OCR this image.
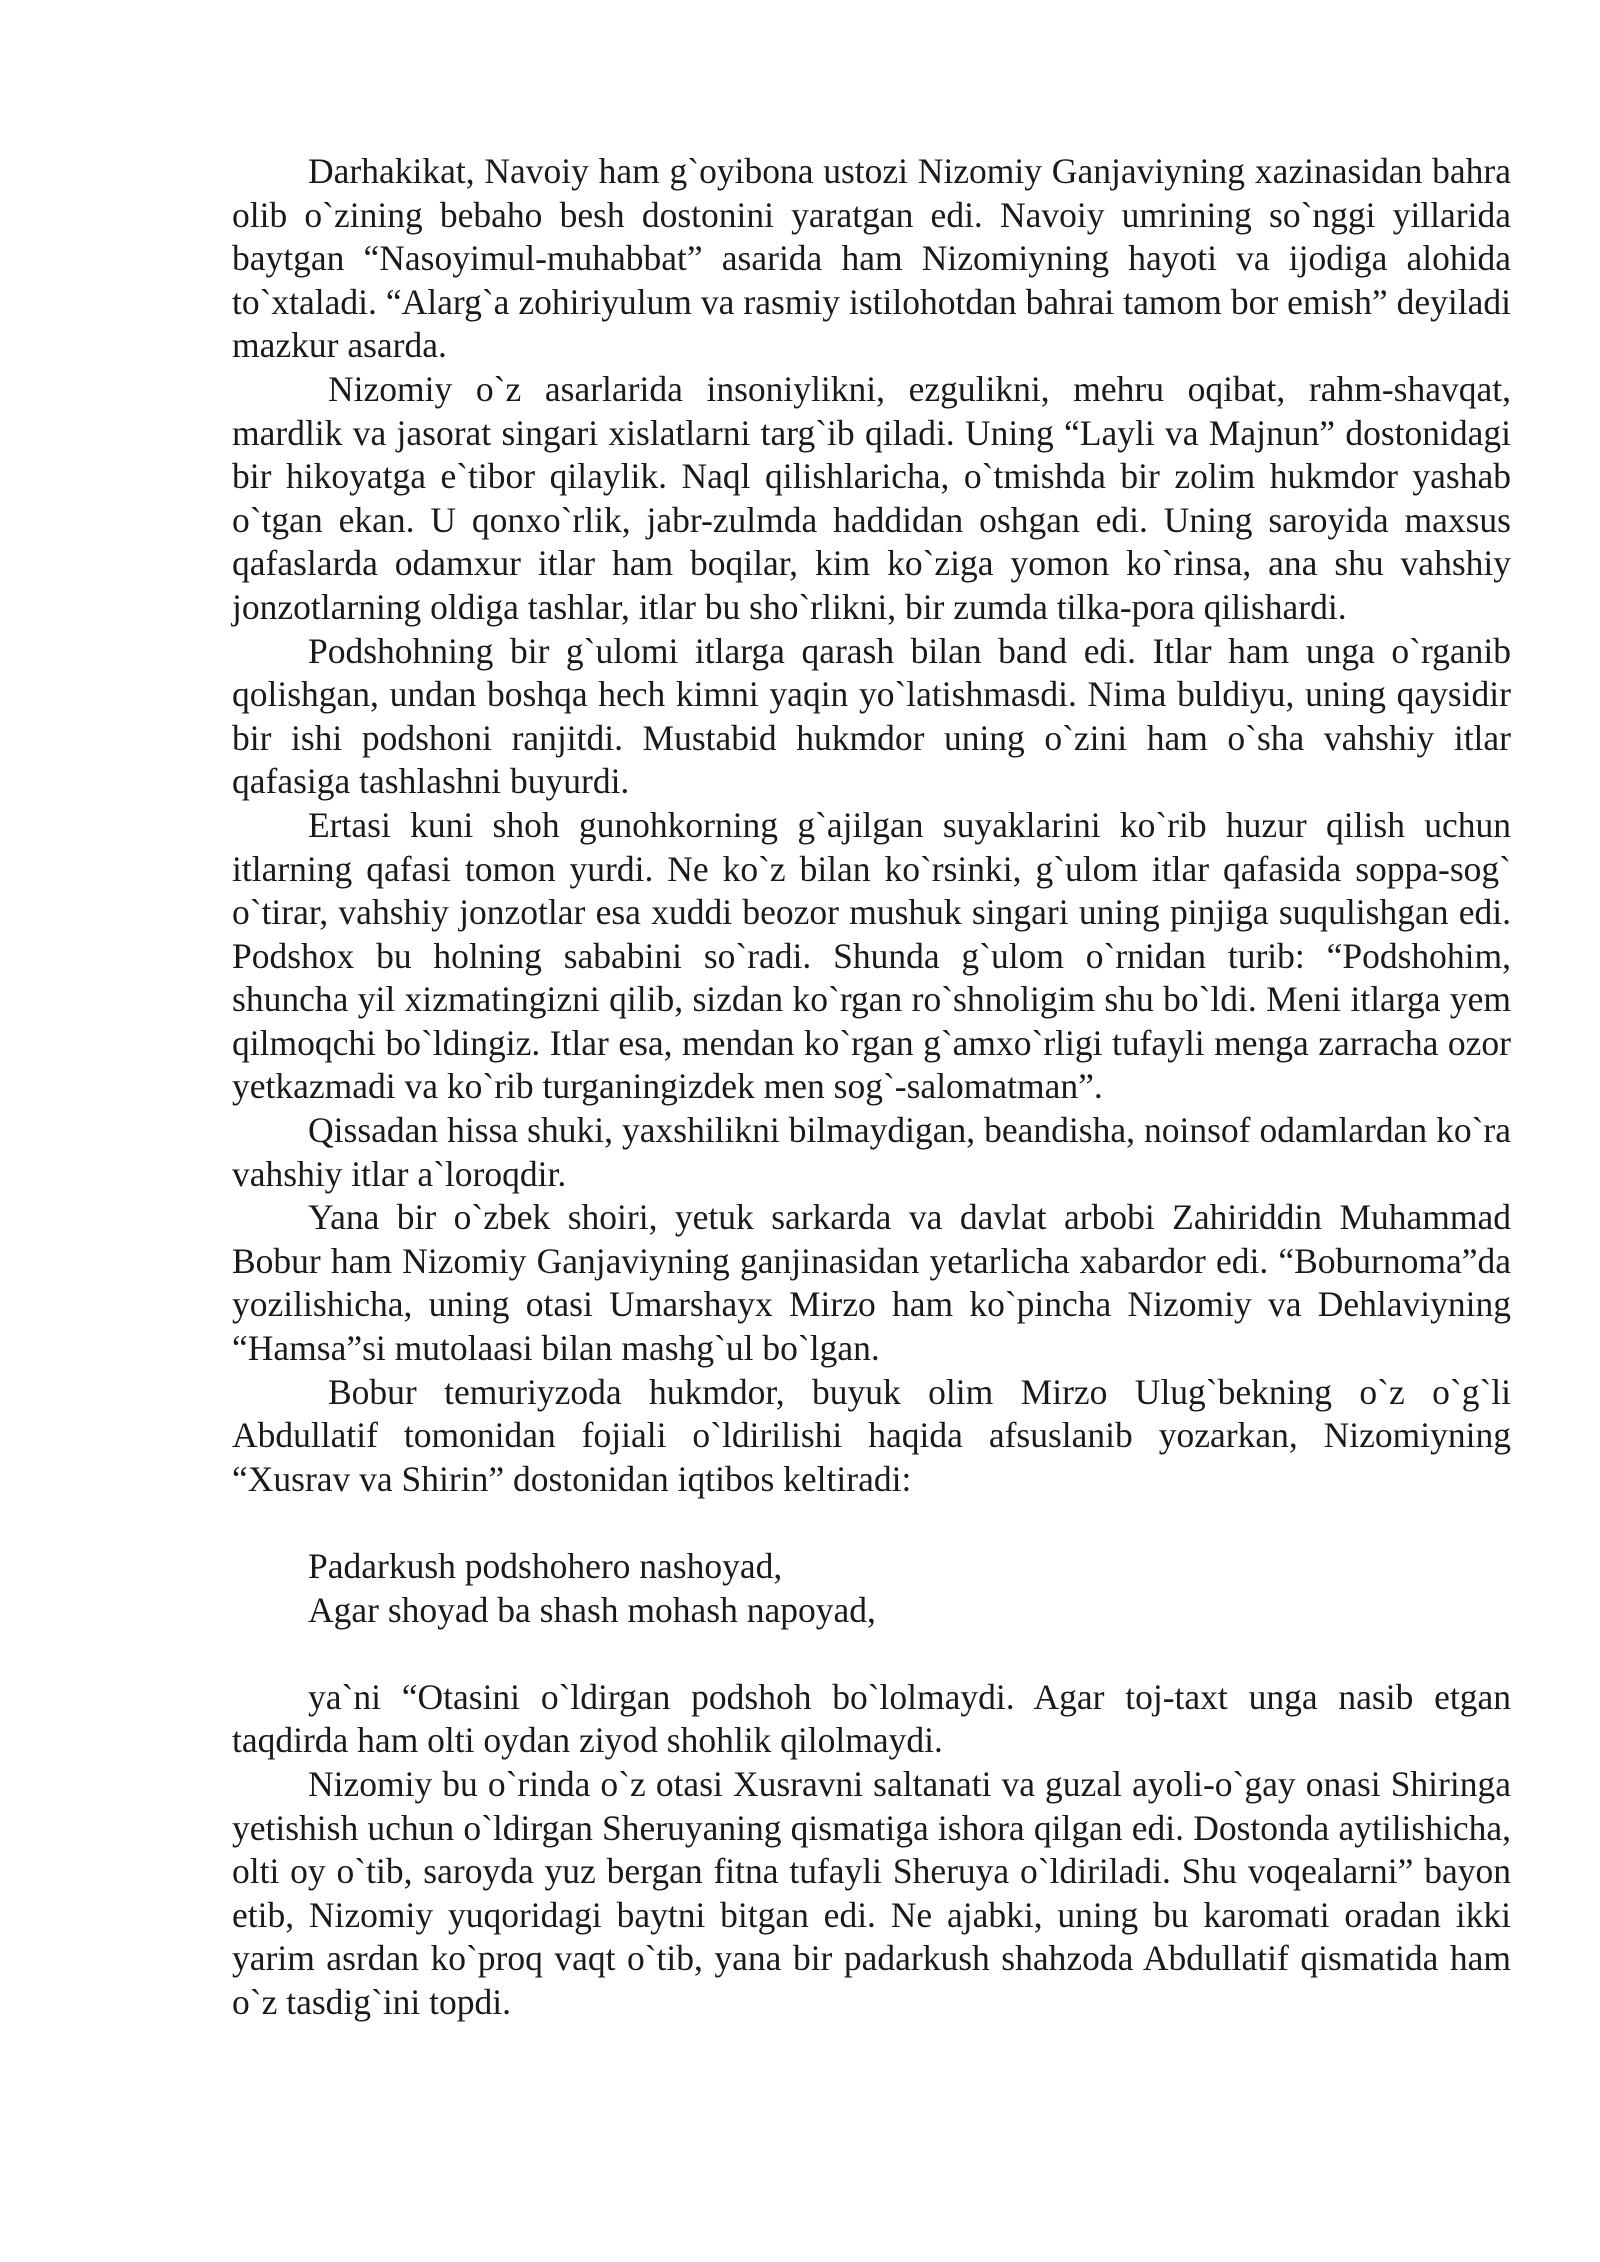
Darhakikat, Navoiy ham g`oyibona ustozi Nizomiy Ganjaviyning xazinasidan bahra olib o`zining bebaho besh dostonini yaratgan edi. Navoiy umrining so`nggi yillarida baytgan “Nasoyimul-muhabbat” asarida ham Nizomiyning hayoti va ijodiga alohida to`xtaladi. “Alarg`a zohiriyulum va rasmiy istilohotdan bahrai tamom bor emish” deyiladi mazkur asarda.

Nizomiy o`z asarlarida insoniylikni, ezgulikni, mehru oqibat, rahm-shavqat, mardlik va jasorat singari xislatlarni targ`ib qiladi. Uning “Layli va Majnun” dostonidagi bir hikoyatga e`tibor qilaylik. Naql qilishlaricha, o`tmishda bir zolim hukmdor yashab o`tgan ekan. U qonxo`rlik, jabr-zulmda haddidan oshgan edi. Uning saroyida maxsus qafaslarda odamxur itlar ham boqilar, kim ko`ziga yomon ko`rinsa, ana shu vahshiy jonzotlarning oldiga tashlar, itlar bu sho`rlikni, bir zumda tilka-pora qilishardi.

Podshohning bir g`ulomi itlarga qarash bilan band edi. Itlar ham unga o`rganib qolishgan, undan boshqa hech kimni yaqin yo`latishmasdi. Nima buldiyu, uning qaysidir bir ishi podshoni ranjitdi. Mustabid hukmdor uning o`zini ham o`sha vahshiy itlar qafasiga tashlashni buyurdi.

Ertasi kuni shoh gunohkorning g`ajilgan suyaklarini ko`rib huzur qilish uchun itlarning qafasi tomon yurdi. Ne ko`z bilan ko`rsinki, g`ulom itlar qafasida soppa-sog` o`tirar, vahshiy jonzotlar esa xuddi beozor mushuk singari uning pinjiga suqulishgan edi. Podshox bu holning sababini so`radi. Shunda g`ulom o`rnidan turib: “Podshohim, shuncha yil xizmatingizni qilib, sizdan ko`rgan ro`shnoligim shu bo`ldi. Meni itlarga yem qilmoqchi bo`ldingiz. Itlar esa, mendan ko`rgan g`amxo`rligi tufayli menga zarracha ozor yetkazmadi va ko`rib turganingizdek men sog`-salomatman”.

Qissadan hissa shuki, yaxshilikni bilmaydigan, beandisha, noinsof odamlardan ko`ra vahshiy itlar a`loroqdir.

Yana bir o`zbek shoiri, yetuk sarkarda va davlat arbobi Zahiriddin Muhammad Bobur ham Nizomiy Ganjaviyning ganjinasidan yetarlicha xabardor edi. “Boburnoma”da yozilishicha, uning otasi Umarshayx Mirzo ham ko`pincha Nizomiy va Dehlaviyning “Hamsa”si mutolaasi bilan mashg`ul bo`lgan.

Bobur temuriyzoda hukmdor, buyuk olim Mirzo Ulug`bekning o`z o`g`li Abdullatif tomonidan fojiali o`ldirilishi haqida afsuslanib yozarkan, Nizomiyning “Xusrav va Shirin” dostonidan iqtibos keltiradi:

Padarkush podshohero nashoyad,
Agar shoyad ba shash mohash napoyad,

ya`ni “Otasini o`ldirgan podshoh bo`lolmaydi. Agar toj-taxt unga nasib etgan taqdirda ham olti oydan ziyod shohlik qilolmaydi.

Nizomiy bu o`rinda o`z otasi Xusravni saltanati va guzal ayoli-o`gay onasi Shiringa yetishish uchun o`ldirgan Sheruyaning qismatiga ishora qilgan edi. Dostonda aytilishicha, olti oy o`tib, saroyda yuz bergan fitna tufayli Sheruya o`ldiriladi. Shu voqealarni” bayon etib, Nizomiy yuqoridagi baytni bitgan edi. Ne ajabki, uning bu karomati oradan ikki yarim asrdan ko`proq vaqt o`tib, yana bir padarkush shahzoda Abdullatif qismatida ham o`z tasdig`ini topdi.
